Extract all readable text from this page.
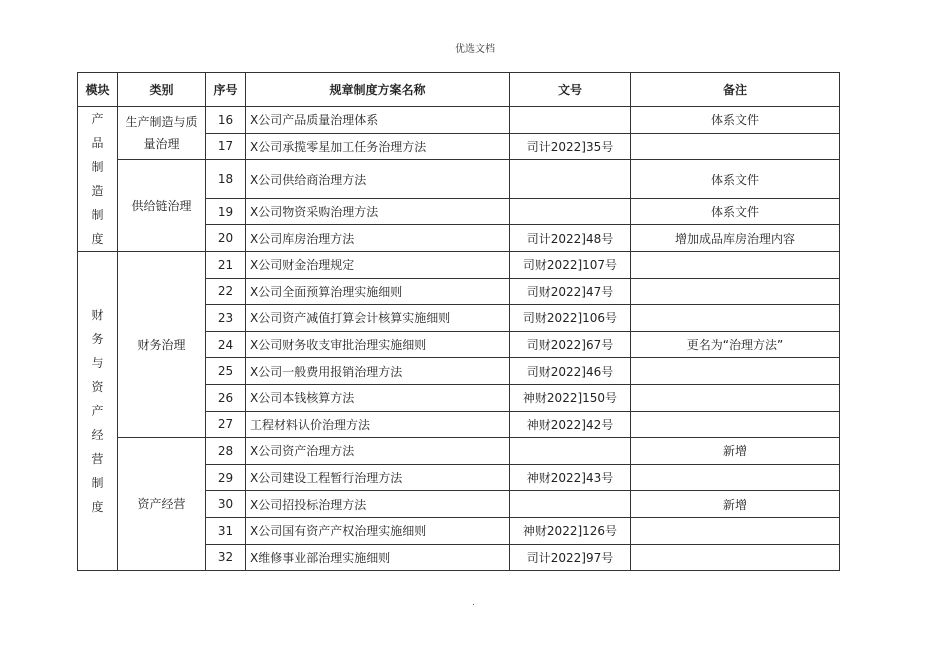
优选文档
模块	类别	序号	规章制度方案名称	文号	备注
产品制造制度	生产制造与质量治理	16	X公司产品质量治理体系		体系文件
		17	X公司承揽零星加工任务治理方法	司计2022]35号	
	供给链治理	18	X公司供给商治理方法		体系文件
		19	X公司物资采购治理方法		体系文件
		20	X公司库房治理方法	司计2022]48号	增加成品库房治理内容
财务与资产经营制度	财务治理	21	X公司财金治理规定	司财2022]107号	
		22	X公司全面预算治理实施细则	司财2022]47号	
		23	X公司资产减值打算会计核算实施细则	司财2022]106号	
		24	X公司财务收支审批治理实施细则	司财2022]67号	更名为“治理方法”
		25	X公司一般费用报销治理方法	司财2022]46号	
		26	X公司本钱核算方法	神财2022]150号	
		27	工程材料认价治理方法	神财2022]42号	
	资产经营	28	X公司资产治理方法		新增
		29	X公司建设工程暂行治理方法	神财2022]43号	
		30	X公司招投标治理方法		新增
		31	X公司国有资产产权治理实施细则	神财2022]126号	
		32	X维修事业部治理实施细则	司计2022]97号	
.
